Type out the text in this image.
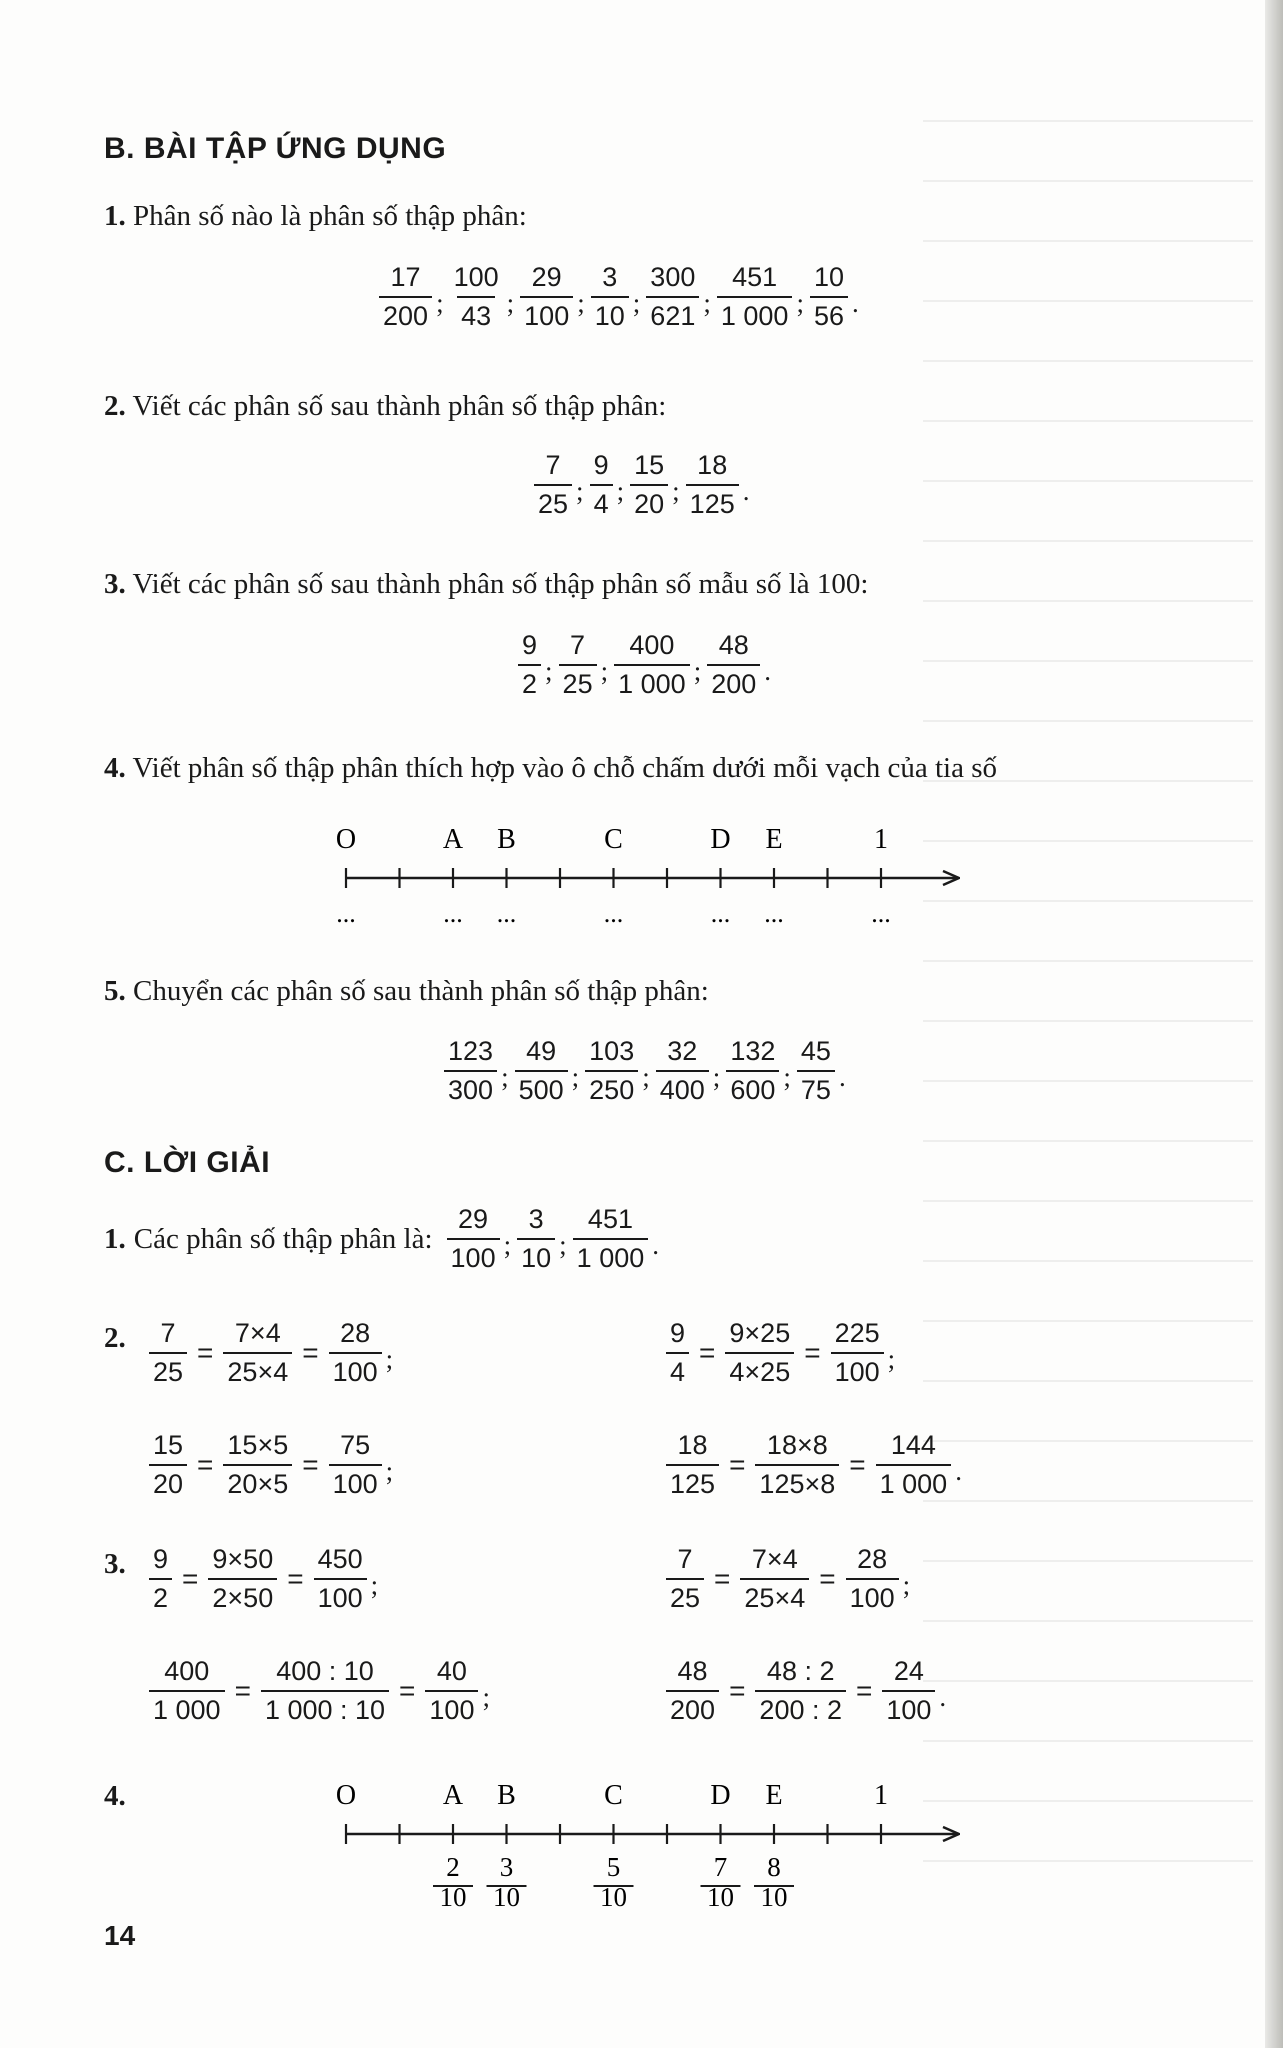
B. BÀI TẬP ỨNG DỤNG
1. Phân số nào là phân số thập phân:
$\frac{17}{200}$ ; $\frac{100}{43}$ ; $\frac{29}{100}$ ; $\frac{3}{10}$ ; $\frac{300}{621}$ ; $\frac{451}{1 000}$ ; $\frac{10}{56}$ .
2. Viết các phân số sau thành phân số thập phân:
$\frac{7}{25}$ ; $\frac{9}{4}$ ; $\frac{15}{20}$ ; $\frac{18}{125}$ .
3. Viết các phân số sau thành phân số thập phân số mẫu số là 100:
$\frac{9}{2}$ ; $\frac{7}{25}$ ; $\frac{400}{1 000}$ ; $\frac{48}{200}$ .
4. Viết phân số thập phân thích hợp vào ô chỗ chấm dưới mỗi vạch của tia số
O	A B	C	D E	1
...	... ...	...	... ...	...
5. Chuyển các phân số sau thành phân số thập phân:
$\frac{123}{300}$ ; $\frac{49}{500}$ ; $\frac{103}{250}$ ; $\frac{32}{400}$ ; $\frac{132}{600}$ ; $\frac{45}{75}$ .
C. LỜI GIẢI
1. Các phân số thập phân là: $\frac{29}{100}$ ; $\frac{3}{10}$ ; $\frac{451}{1 000}$ .
2. $\frac{7}{25} = \frac{7\times 4}{25\times 4} = \frac{28}{100}$ ;	$\frac{9}{4} = \frac{9\times 25}{4\times 25} = \frac{225}{100}$ ;
$\frac{15}{20} = \frac{15\times 5}{20\times 5} = \frac{75}{100}$ ;	$\frac{18}{125} = \frac{18\times 8}{125\times 8} = \frac{144}{1 000}$ .
3. $\frac{9}{2} = \frac{9\times 50}{2\times 50} = \frac{450}{100}$ ;	$\frac{7}{25} = \frac{7\times 4}{25\times 4} = \frac{28}{100}$ ;
$\frac{400}{1 000} = \frac{400 : 10}{1 000 : 10} = \frac{40}{100}$ ;	$\frac{48}{200} = \frac{48 : 2}{200 : 2} = \frac{24}{100}$ .
4.	O	A B	C	D E	1
2
10
3
10
5
10
7
10
8
10
14
